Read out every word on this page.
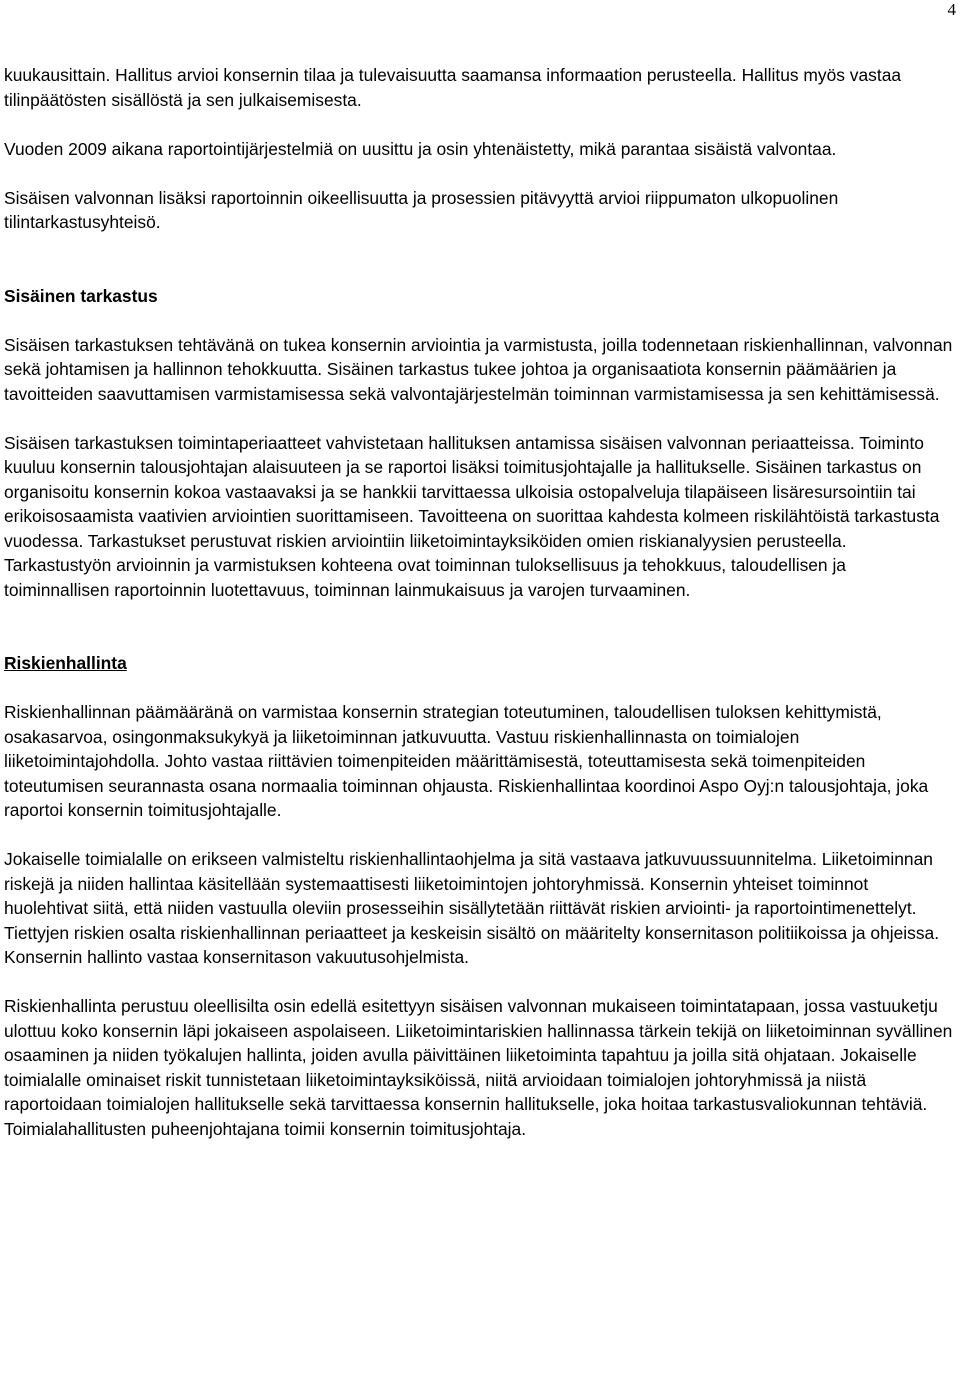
4

kuukausittain. Hallitus arvioi konsernin tilaa ja tulevaisuutta saamansa informaation perusteella. Hallitus myös vastaa tilinpäätösten sisällöstä ja sen julkaisemisesta.

Vuoden 2009 aikana raportointijärjestelmiä on uusittu ja osin yhtenäistetty, mikä parantaa sisäistä valvontaa.

Sisäisen valvonnan lisäksi raportoinnin oikeellisuutta ja prosessien pitävyyttä arvioi riippumaton ulkopuolinen tilintarkastusyhteisö.

Sisäinen tarkastus

Sisäisen tarkastuksen tehtävänä on tukea konsernin arviointia ja varmistusta, joilla todennetaan riskienhallinnan, valvonnan sekä johtamisen ja hallinnon tehokkuutta. Sisäinen tarkastus tukee johtoa ja organisaatiota konsernin päämäärien ja tavoitteiden saavuttamisen varmistamisessa sekä valvontajärjestelmän toiminnan varmistamisessa ja sen kehittämisessä.

Sisäisen tarkastuksen toimintaperiaatteet vahvistetaan hallituksen antamissa sisäisen valvonnan periaatteissa. Toiminto kuuluu konsernin talousjohtajan alaisuuteen ja se raportoi lisäksi toimitusjohtajalle ja hallitukselle. Sisäinen tarkastus on organisoitu konsernin kokoa vastaavaksi ja se hankkii tarvittaessa ulkoisia ostopalveluja tilapäiseen lisäresursointiin tai erikoisosaamista vaativien arviointien suorittamiseen. Tavoitteena on suorittaa kahdesta kolmeen riskilähtöistä tarkastusta vuodessa. Tarkastukset perustuvat riskien arviointiin liiketoimintayksiköiden omien riskianalyysien perusteella. Tarkastustyön arvioinnin ja varmistuksen kohteena ovat toiminnan tuloksellisuus ja tehokkuus, taloudellisen ja toiminnallisen raportoinnin luotettavuus, toiminnan lainmukaisuus ja varojen turvaaminen.

Riskienhallinta

Riskienhallinnan päämääränä on varmistaa konsernin strategian toteutuminen, taloudellisen tuloksen kehittymistä, osakasarvoa, osingonmaksukykyä ja liiketoiminnan jatkuvuutta. Vastuu riskienhallinnasta on toimialojen liiketoimintajohdolla. Johto vastaa riittävien toimenpiteiden määrittämisestä, toteuttamisesta sekä toimenpiteiden toteutumisen seurannasta osana normaalia toiminnan ohjausta. Riskienhallintaa koordinoi Aspo Oyj:n talousjohtaja, joka raportoi konsernin toimitusjohtajalle.

Jokaiselle toimialalle on erikseen valmisteltu riskienhallintaohjelma ja sitä vastaava jatkuvuussuunnitelma. Liiketoiminnan riskejä ja niiden hallintaa käsitellään systemaattisesti liiketoimintojen johtoryhmissä. Konsernin yhteiset toiminnot huolehtivat siitä, että niiden vastuulla oleviin prosesseihin sisällytetään riittävät riskien arviointi- ja raportointimenettelyt. Tiettyjen riskien osalta riskienhallinnan periaatteet ja keskeisin sisältö on määritelty konsernitason politiikoissa ja ohjeissa. Konsernin hallinto vastaa konsernitason vakuutusohjelmista.

Riskienhallinta perustuu oleellisilta osin edellä esitettyyn sisäisen valvonnan mukaiseen toimintatapaan, jossa vastuuketju ulottuu koko konsernin läpi jokaiseen aspolaiseen. Liiketoimintariskien hallinnassa tärkein tekijä on liiketoiminnan syvällinen osaaminen ja niiden työkalujen hallinta, joiden avulla päivittäinen liiketoiminta tapahtuu ja joilla sitä ohjataan. Jokaiselle toimialalle ominaiset riskit tunnistetaan liiketoimintayksiköissä, niitä arvioidaan toimialojen johtoryhmissä ja niistä raportoidaan toimialojen hallitukselle sekä tarvittaessa konsernin hallitukselle, joka hoitaa tarkastusvaliokunnan tehtäviä. Toimialahallitusten puheenjohtajana toimii konsernin toimitusjohtaja.
